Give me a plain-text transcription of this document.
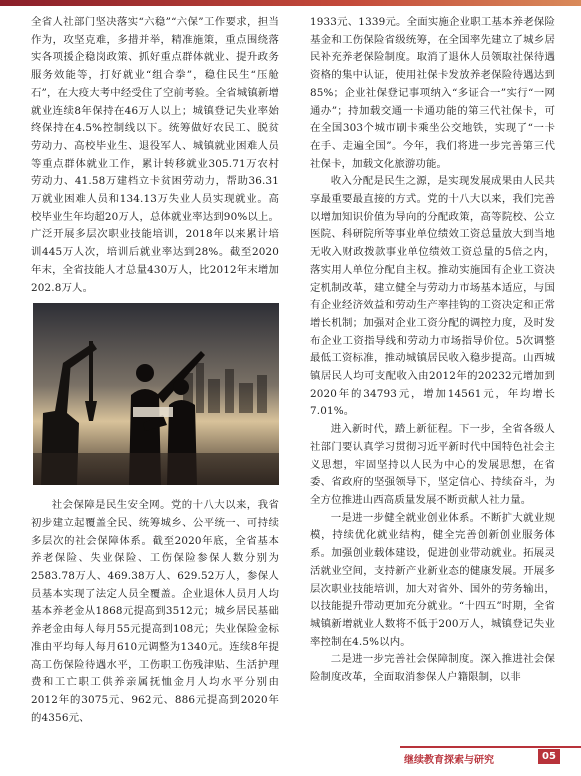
全省人社部门坚决落实“六稳”“六保”工作要求，担当作为，攻坚克难，多措并举，精准施策，重点围绕落实各项援企稳岗政策、抓好重点群体就业、提升政务服务效能等，打好就业“组合拳”，稳住民生“压舱石”，在大疫大考中经受住了空前考验。全省城镇新增就业连续8年保持在46万人以上；城镇登记失业率始终保持在4.5%控制线以下。统筹做好农民工、脱贫劳动力、高校毕业生、退役军人、城镇就业困难人员等重点群体就业工作，累计转移就业305.71万农村劳动力、41.58万建档立卡贫困劳动力，帮助36.31万就业困难人员和134.13万失业人员实现就业。高校毕业生年均超20万人，总体就业率达到90%以上。广泛开展多层次职业技能培训，2018年以来累计培训445万人次，培训后就业率达到28%。截至2020年末，全省技能人才总量430万人，比2012年末增加202.8万人。

社会保障是民生安全网。党的十八大以来，我省初步建立起覆盖全民、统筹城乡、公平统一、可持续多层次的社会保障体系。截至2020年底，全省基本养老保险、失业保险、工伤保险参保人数分别为2583.78万人、469.38万人、629.52万人，参保人员基本实现了法定人员全覆盖。企业退休人员月人均基本养老金从1868元提高到3512元；城乡居民基础养老金由每人每月55元提高到108元；失业保险金标准由平均每人每月610元调整为1340元。连续8年提高工伤保险待遇水平，工伤职工伤残津贴、生活护理费和工亡职工供养亲属抚恤金月人均水平分别由2012年的3075元、962元、886元提高到2020年的4356元、

1933元、1339元。全面实施企业职工基本养老保险基金和工伤保险省级统筹，在全国率先建立了城乡居民补充养老保险制度。取消了退休人员领取社保待遇资格的集中认证，使用社保卡发放养老保险待遇达到85%；企业社保登记事项纳入“多证合一”实行“一网通办”；持加载交通一卡通功能的第三代社保卡，可在全国303个城市刷卡乘坐公交地铁，实现了“一卡在手、走遍全国”。今年，我们将进一步完善第三代社保卡，加载文化旅游功能。

收入分配是民生之源，是实现发展成果由人民共享最重要最直接的方式。党的十八大以来，我们完善以增加知识价值为导向的分配政策，高等院校、公立医院、科研院所等事业单位绩效工资总量放大到当地无收入财政拨款事业单位绩效工资总量的5倍之内，落实用人单位分配自主权。推动实施国有企业工资决定机制改革，建立健全与劳动力市场基本适应，与国有企业经济效益和劳动生产率挂钩的工资决定和正常增长机制；加强对企业工资分配的调控力度，及时发布企业工资指导线和劳动力市场指导价位。5次调整最低工资标准，推动城镇居民收入稳步提高。山西城镇居民人均可支配收入由2012年的20232元增加到2020年的34793元，增加14561元，年均增长7.01%。

进入新时代，踏上新征程。下一步，全省各级人社部门要认真学习贯彻习近平新时代中国特色社会主义思想，牢固坚持以人民为中心的发展思想，在省委、省政府的坚强领导下，坚定信心、持续奋斗，为全方位推进山西高质量发展不断贡献人社力量。

一是进一步健全就业创业体系。不断扩大就业规模，持续优化就业结构，健全完善创新创业服务体系。加强创业载体建设，促进创业带动就业。拓展灵活就业空间，支持新产业新业态的健康发展。开展多层次职业技能培训，加大对省外、国外的劳务输出，以技能提升带动更加充分就业。“十四五”时期，全省城镇新增就业人数将不低于200万人，城镇登记失业率控制在4.5%以内。

二是进一步完善社会保障制度。深入推进社会保险制度改革，全面取消参保人户籍限制，以非

继续教育探索与研究	05
